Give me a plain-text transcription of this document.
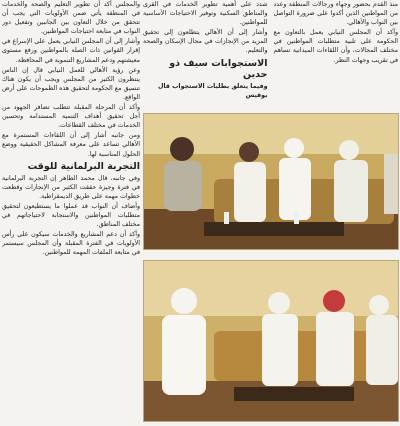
والمجلس أكد أن تطوير التعليم والصحة والخدمات في المنطقة يأتي ضمن الأولويات التي يجب أن تتحقق من خلال التعاون بين الجانبين وتفعيل دور النواب في متابعة احتياجات المواطنين.

وأشار إلى أن المجلس النيابي يعمل على الإسراع في إقرار القوانين ذات الصلة بالمواطنين ورفع مستوى معيشتهم ودعم المشاريع التنموية في المحافظة.

وعن رؤية الأهالي للعمل النيابي قال إن الناس ينتظرون الكثير من المجلس ويجب أن يكون هناك تنسيق مع الحكومة لتحقيق هذه الطموحات على أرض الواقع.

وأكد أن المرحلة المقبلة تتطلب تضافر الجهود من أجل تحقيق أهداف التنمية المستدامة وتحسين الخدمات في مختلف القطاعات.

ومن جانبه أشار إلى أن اللقاءات المستمرة مع الأهالي تساعد على معرفة المشاكل الحقيقية ووضع الحلول المناسبة لها.

التجربة البرلمانية للوقت

وفي جانبه، قال محمد الطاهر إن التجربة البرلمانية في فترة وجيزة حققت الكثير من الإنجازات وقطعت خطوات مهمة على طريق الديمقراطية.

وأضاف أن النواب قد عملوا ما يستطيعون لتحقيق متطلبات المواطنين والاستجابة لاحتياجاتهم في مختلف المناطق.

وأكد أن دعم المشاريع والخدمات سيكون على رأس الأولويات في الفترة المقبلة وأن المجلس سيستمر في متابعة الملفات المهمة للمواطنين.

منذ القدم بحضور وجهاء ورجالات المنطقة وعدد من المواطنين الذين أكدوا على ضرورة التواصل بين النواب والأهالي.

وأكد أن المجلس النيابي يعمل بالتعاون مع الحكومة على تلبية متطلبات المواطنين في مختلف المجالات، وأن اللقاءات الميدانية تساهم في تقريب وجهات النظر.

شدد على أهمية تطوير الخدمات في القرى والمناطق السكنية وتوفير الاحتياجات الأساسية للمواطنين.

وأشار إلى أن الأهالي يتطلعون إلى تحقيق المزيد من الإنجازات في مجال الإسكان والصحة والتعليم.

الاستجوابات سيف ذو حدين

وفيما يتعلق بطلبات الاستجواب قال بوقيس
